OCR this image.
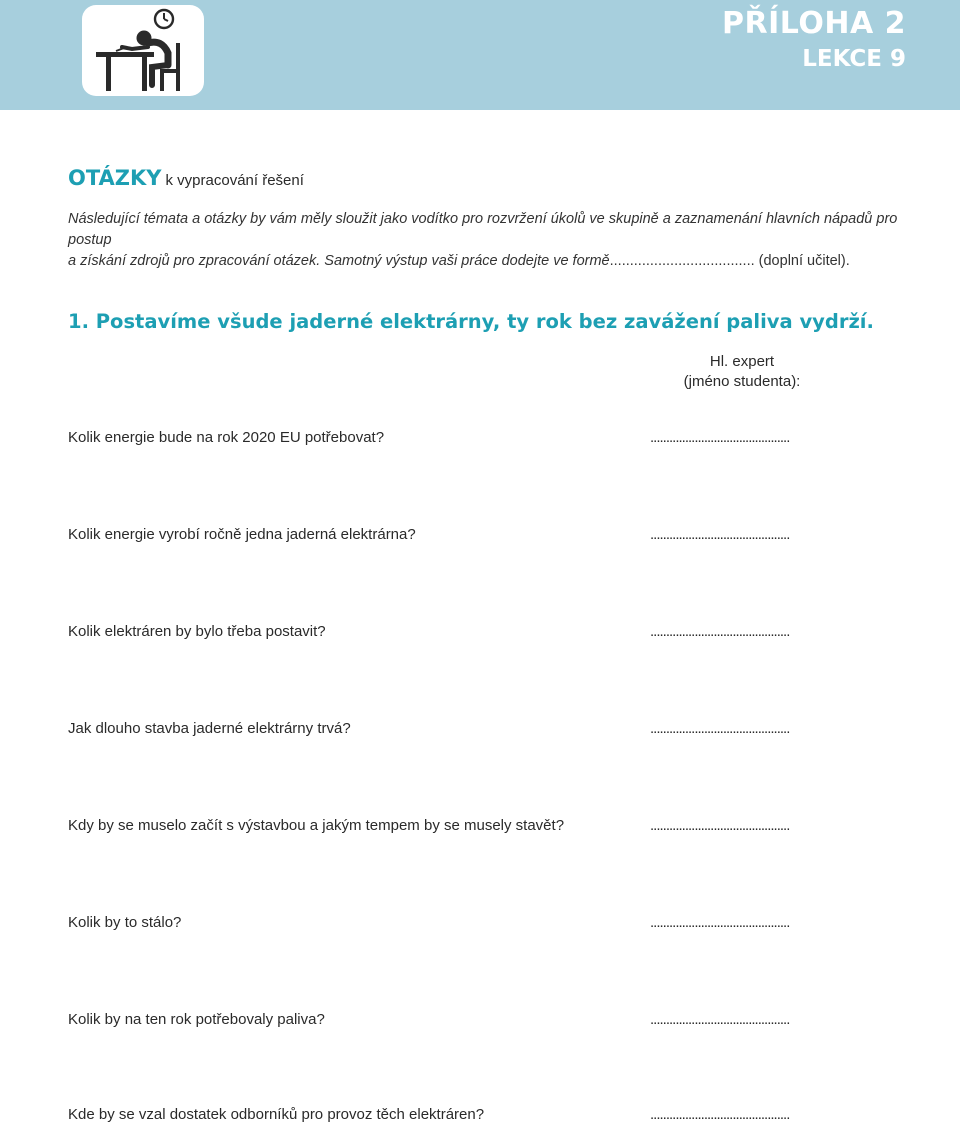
PŘÍLOHA 2
LEKCE 9
OTÁZKY k vypracování řešení
Následující témata a otázky by vám měly sloužit jako vodítko pro rozvržení úkolů ve skupině a zaznamenání hlavních nápadů pro postup
a získání zdrojů pro zpracování otázek. Samotný výstup vaši práce dodejte ve formě.................................... (doplní učitel).
1. Postavíme všude jaderné elektrárny, ty rok bez zavážení paliva vydrží.
Hl. expert
(jméno studenta):
Kolik energie bude na rok 2020 EU potřebovat?	............................................
Kolik energie vyrobí ročně jedna jaderná elektrárna?	............................................
Kolik elektráren by bylo třeba postavit?	............................................
Jak dlouho stavba jaderné elektrárny trvá?	............................................
Kdy by se muselo začít s výstavbou a jakým tempem by se musely stavět?	............................................
Kolik by to stálo?	............................................
Kolik by na ten rok potřebovaly paliva?	............................................
Kde by se vzal dostatek odborníků pro provoz těch elektráren?	............................................
